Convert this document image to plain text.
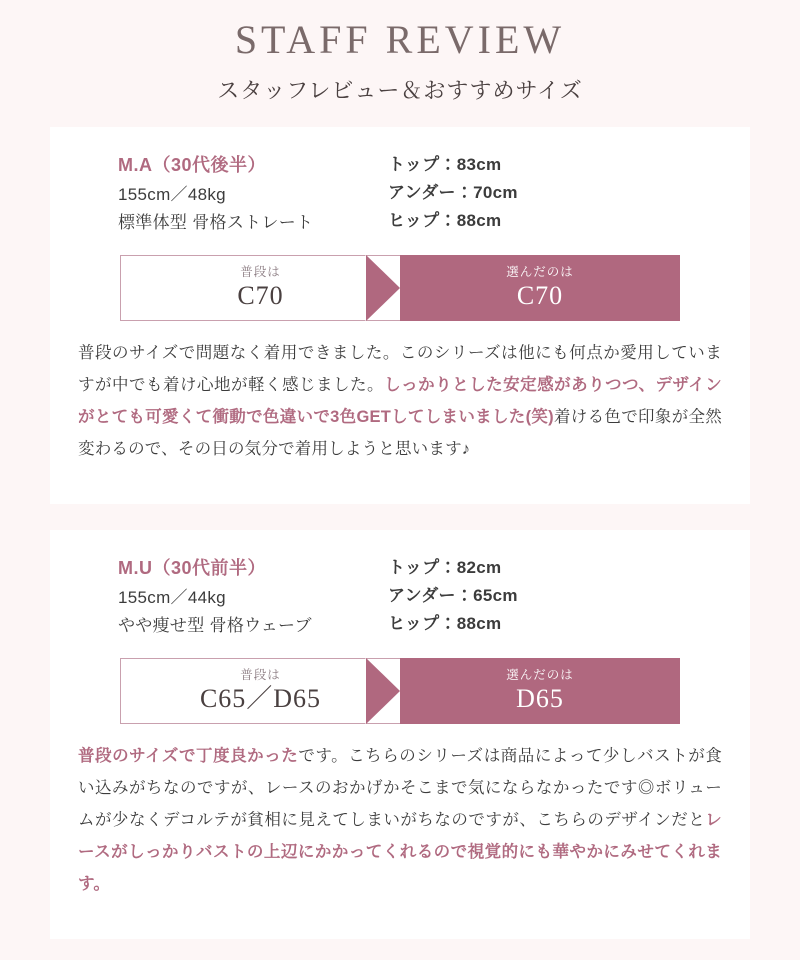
STAFF REVIEW
スタッフレビュー＆おすすめサイズ
M.A（30代後半）
155cm／48kg
標準体型 骨格ストレート
トップ：83cm
アンダー：70cm
ヒップ：88cm
普段は
C70
選んだのは
C70

普段のサイズで問題なく着用できました。このシリーズは他にも何点か愛用していますが中でも着け心地が軽く感じました。しっかりとした安定感がありつつ、デザインがとても可愛くて衝動で色違いで3色GETしてしまいました(笑)着ける色で印象が全然変わるので、その日の気分で着用しようと思います♪

M.U（30代前半）
155cm／44kg
やや痩せ型 骨格ウェーブ
トップ：82cm
アンダー：65cm
ヒップ：88cm
普段は
C65／D65
選んだのは
D65

普段のサイズで丁度良かったです。こちらのシリーズは商品によって少しバストが食い込みがちなのですが、レースのおかげかそこまで気にならなかったです◎ボリュームが少なくデコルテが貧相に見えてしまいがちなのですが、こちらのデザインだとレースがしっかりバストの上辺にかかってくれるので視覚的にも華やかにみせてくれます。
